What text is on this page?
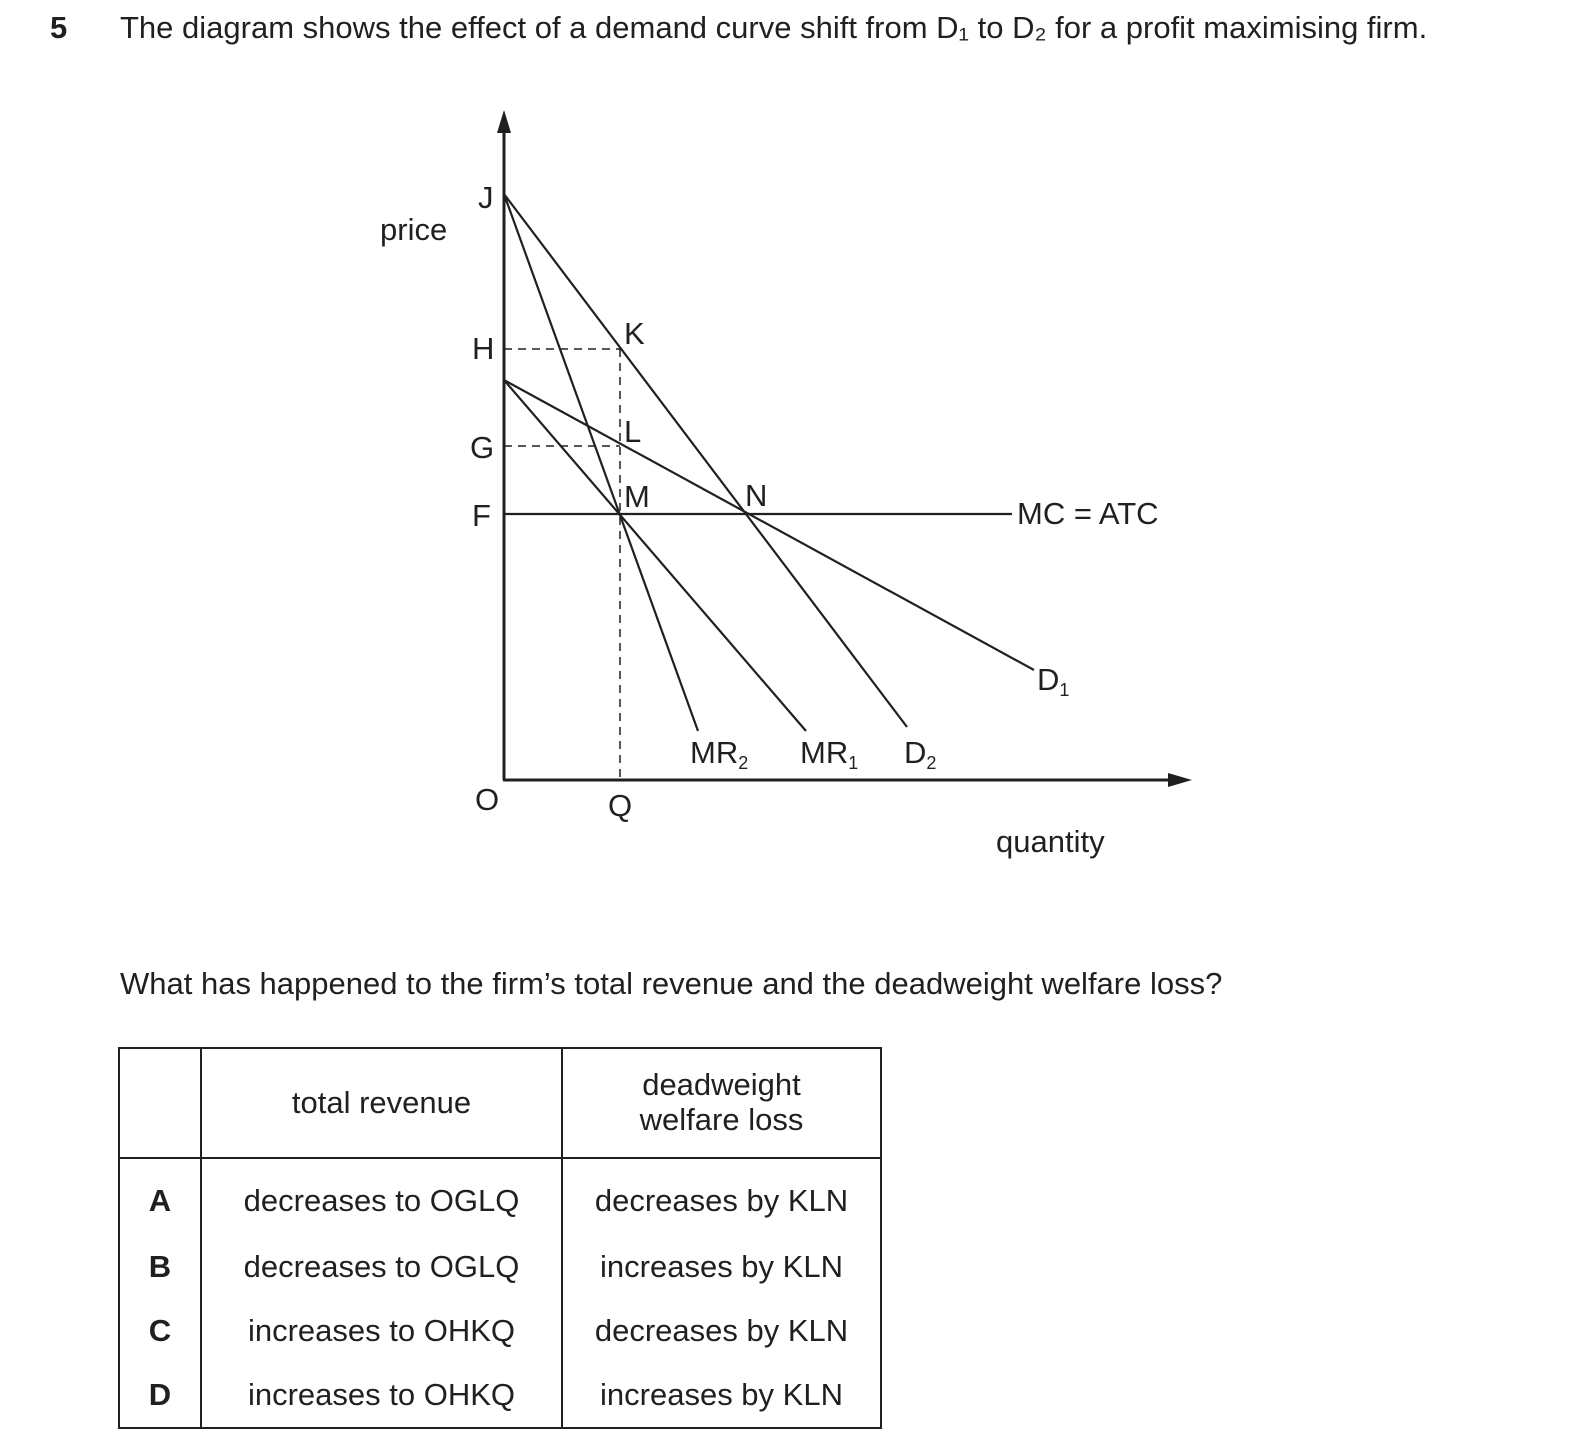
5 The diagram shows the effect of a demand curve shift from D₁ to D₂ for a profit maximising firm.
price
quantity
O	Q
J
H
G
F
K
L
M	N
MC = ATC
D1
D2
MR1
MR2
What has happened to the firm’s total revenue and the deadweight welfare loss?
	total revenue	deadweight
welfare loss

A	decreases to OGLQ	decreases by KLN
B	decreases to OGLQ	increases by KLN
C	increases to OHKQ	decreases by KLN
D	increases to OHKQ	increases by KLN
